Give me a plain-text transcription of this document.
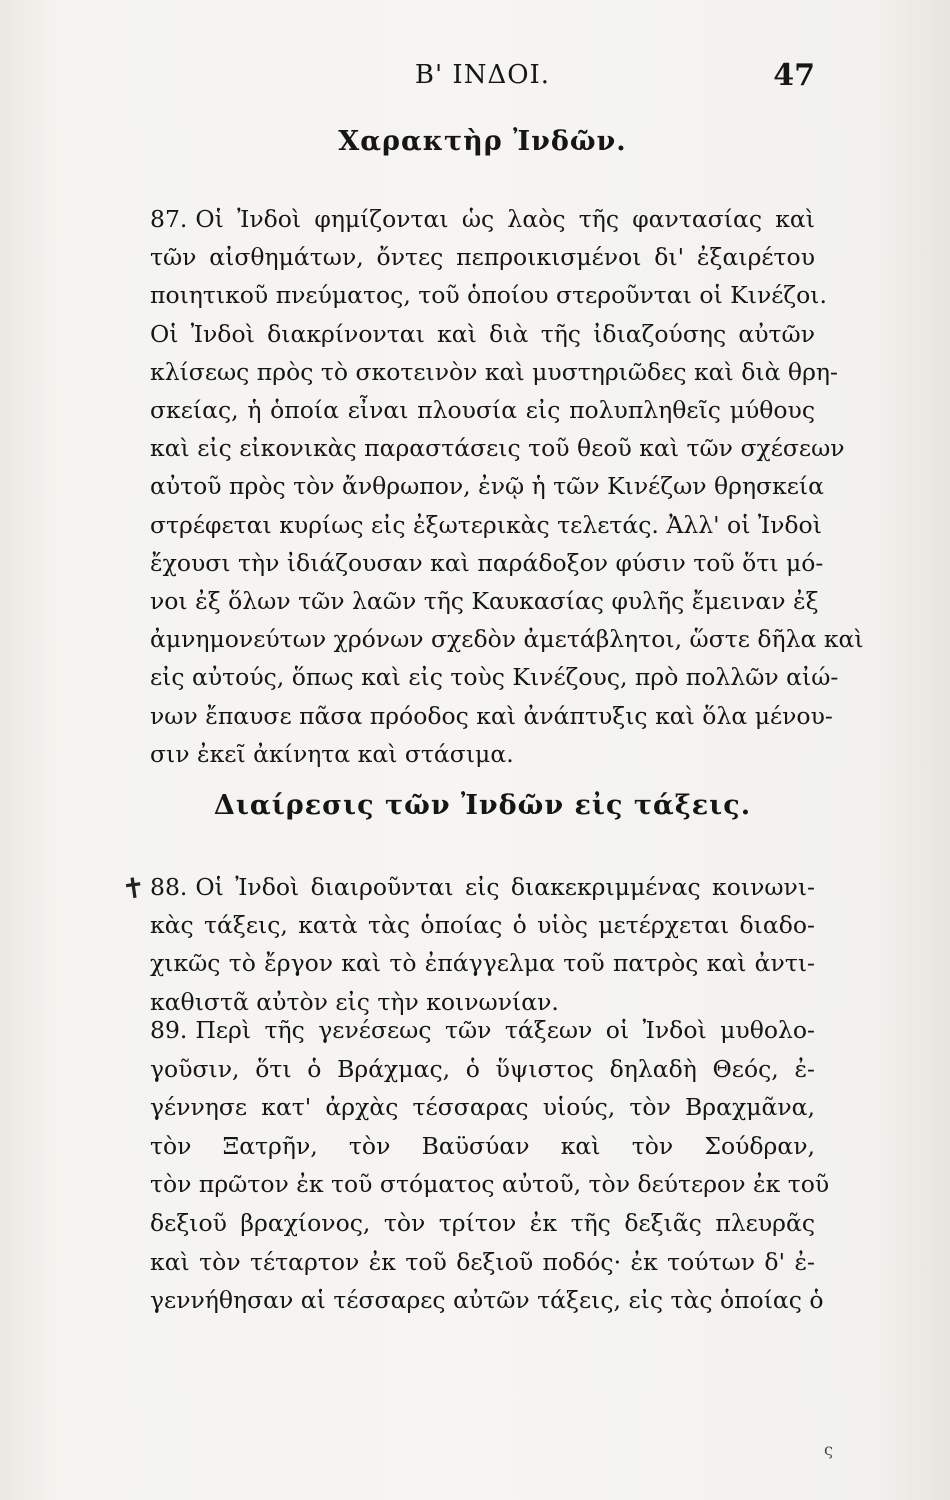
Β' ΙΝΔΟΙ.	47
Χαρακτὴρ Ἰνδῶν.
87. Οἱ Ἰνδοὶ φημίζονται ὡς λαὸς τῆς φαντασίας καὶ
τῶν αἰσθημάτων, ὄντες πεπροικισμένοι δι' ἐξαιρέτου
ποιητικοῦ πνεύματος, τοῦ ὁποίου στεροῦνται οἱ Κινέζοι.
Οἱ Ἰνδοὶ διακρίνονται καὶ διὰ τῆς ἰδιαζούσης αὐτῶν
κλίσεως πρὸς τὸ σκοτεινὸν καὶ μυστηριῶδες καὶ διὰ θρη-
σκείας, ἡ ὁποία εἶναι πλουσία εἰς πολυπληθεῖς μύθους
καὶ εἰς εἰκονικὰς παραστάσεις τοῦ θεοῦ καὶ τῶν σχέσεων
αὐτοῦ πρὸς τὸν ἄνθρωπον, ἐνῷ ἡ τῶν Κινέζων θρησκεία
στρέφεται κυρίως εἰς ἐξωτερικὰς τελετάς. Ἀλλ' οἱ Ἰνδοὶ
ἔχουσι τὴν ἰδιάζουσαν καὶ παράδοξον φύσιν τοῦ ὅτι μό-
νοι ἐξ ὅλων τῶν λαῶν τῆς Καυκασίας φυλῆς ἔμειναν ἐξ
ἀμνημονεύτων χρόνων σχεδὸν ἀμετάβλητοι, ὥστε δῆλα καὶ
εἰς αὐτούς, ὅπως καὶ εἰς τοὺς Κινέζους, πρὸ πολλῶν αἰώ-
νων ἔπαυσε πᾶσα πρόοδος καὶ ἀνάπτυξις καὶ ὅλα μένου-
σιν ἐκεῖ ἀκίνητα καὶ στάσιμα.
Διαίρεσις τῶν Ἰνδῶν εἰς τάξεις.
✝ 88. Οἱ Ἰνδοὶ διαιροῦνται εἰς διακεκριμμένας κοινωνι-
κὰς τάξεις, κατὰ τὰς ὁποίας ὁ υἱὸς μετέρχεται διαδο-
χικῶς τὸ ἔργον καὶ τὸ ἐπάγγελμα τοῦ πατρὸς καὶ ἀντι-
καθιστᾶ αὐτὸν εἰς τὴν κοινωνίαν.
89. Περὶ τῆς γενέσεως τῶν τάξεων οἱ Ἰνδοὶ μυθολο-
γοῦσιν, ὅτι ὁ Βράχμας, ὁ ὕψιστος δηλαδὴ Θεός, ἐ-
γέννησε κατ' ἀρχὰς τέσσαρας υἱούς, τὸν Βραχμᾶνα,
τὸν Ξατρῆν, τὸν Βαϋσύαν καὶ τὸν Σούδραν,
τὸν πρῶτον ἐκ τοῦ στόματος αὐτοῦ, τὸν δεύτερον ἐκ τοῦ
δεξιοῦ βραχίονος, τὸν τρίτον ἐκ τῆς δεξιᾶς πλευρᾶς
καὶ τὸν τέταρτον ἐκ τοῦ δεξιοῦ ποδός· ἐκ τούτων δ' ἐ-
γεννήθησαν αἱ τέσσαρες αὐτῶν τάξεις, εἰς τὰς ὁποίας ὁ
ς
